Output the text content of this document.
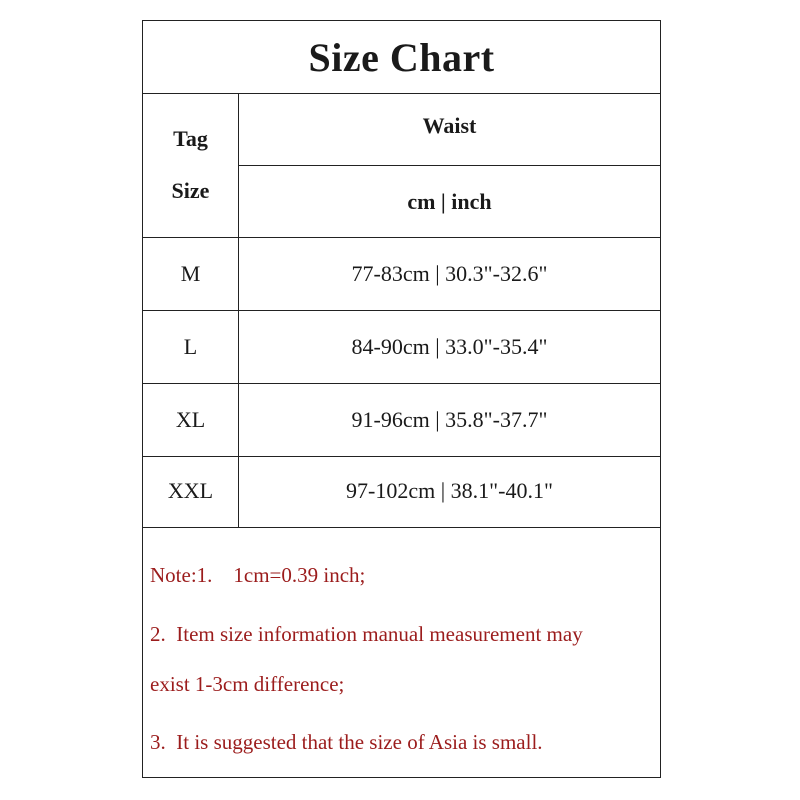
Size Chart
Tag
Size
Waist
cm | inch
M	77-83cm | 30.3"-32.6"
L	84-90cm | 33.0"-35.4"
XL	91-96cm | 35.8"-37.7"
XXL	97-102cm | 38.1"-40.1"
Note:1.    1cm=0.39 inch;
2.  Item size information manual measurement may
exist 1-3cm difference;
3.  It is suggested that the size of Asia is small.
